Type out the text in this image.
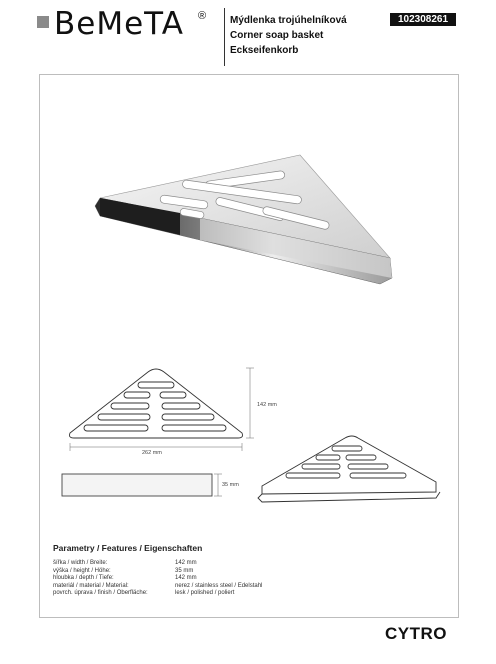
BeMeTA ® Mýdlenka trojúhelníková
Corner soap basket
Eckseifenkorb
102308261
142 mm
262 mm
35 mm
Parametry / Features / Eigenschaften
šířka / width / Breite:	142 mm
výška / height / Höhe:	35 mm
hloubka / depth / Tiefe:	142 mm
materiál / material / Material:	nerez / stainless steel / Edelstahl
povrch. úprava / finish / Oberfläche:	lesk / polished / poliert
CYTRO
